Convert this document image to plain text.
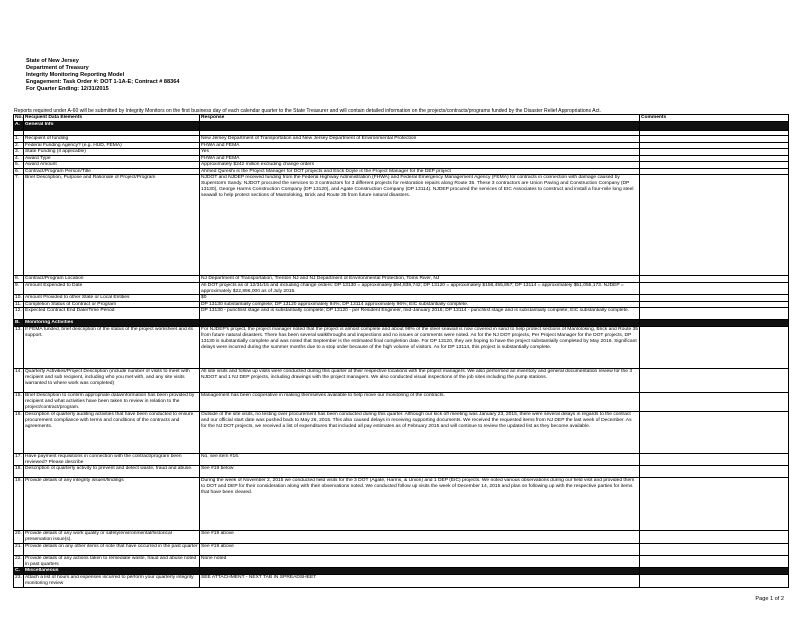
State of New Jersey
Department of Treasury
Integrity Monitoring Reporting Model
Engagement: Task Order #: DOT 1-1A-E; Contract # 88364
For Quarter Ending: 12/31/2015
Reports required under A-60 will be submitted by Integrity Monitors on the first business day of each calendar quarter to the State Treasurer and will contain detailed information on the projects/contracts/programs funded by the Disaster Relief Appropriations Act.
No.	Recipient Data Elements	Response	Comments

A.	General Info		

1.	Recipient of funding	New Jersey Department of Transportation and New Jersey Department of Environmental Protection	

2.	Federal Funding Agency? (e.g. HUD, FEMA)	FHWA and FEMA	

3.	State Funding (if applicable)	Yes	

4.	Award Type	FHWA and FEMA	

5.	Award Amount	Approximately $242 million excluding change orders	

6.	Contract/Program Person/Title	Ahmed Qureshi is the Project Manager for DOT projects and Erick Doyle is the Project Manager for the DEP project	

7.	Brief Description, Purpose and Rationale of Project/Program	NJDOT and NJDEP received funding from the Federal Highway Administration (FHWA) and Federal Emergency Management Agency (FEMA) for contracts in connection with damage caused by Superstorm Sandy. NJDOT procured the services to 3 contractors for 3 different projects for restoration repairs along Route 35. These 3 contractors are Union Paving and Construction Company (DP 13130), George Harms Construction Company (DP 13120), and Agate Construction Company (DP 13114). NJDEP procured the services of EIC Associates to construct and install a four-mile long steel seawall to help protect sections of Mantoloking, Brick and Route 35 from future natural disasters.	

8.	Contract/Program Location	NJ Department of Transportation, Trenton NJ and NJ Department of Environmental Protection, Toms River, NJ	

9.	Amount Expended to Date	All DOT projects as of 12/31/15 and including change orders: DP 13130 = approximately $94,838,742; DP 13120 = approximately $158,455,857; DP 13114 = approximately $51,055,173. NJDEP = approximately $22,896,000 as of July 2015.	

10.	Amount Provided to other State or Local Entities	$0	

11.	Completion Status of Contract or Program	DP 13130 substantially complete; DP 13120 approximately 94%; DP 13114 approximately 96%; EIC substantially complete.	

12.	Expected Contract End Date/Time Period	DP 13130 - punchlist stage and is substantially complete; DP 13120 - per Resident Engineer, mid-January 2016; DP 13114 - punchlist stage and is substantially complete; EIC substantially complete.	

B.	Monitoring Activities		

13.	If FEMA funded, brief description of the status of the project worksheet and its support.	For NJDEP's project, the project manager noted that the project is almost complete and about 98% of the steel seawall is now covered in sand to help protect sections of Mantoloking, Brick and Route 35 from future natural disasters. There has been several walkthroughs and inspections and no issues or comments were noted. As for the NJ DOT projects, Per Project Manager for the DOT projects, DP 13130 is substantially complete and was noted that September is the estimated final completion date. For DP 13120, they are hoping to have the project substantially completed by May 2016. Significant delays were incurred during the summer months due to a stop order because of the high volume of visitors. As for DP 13114, this project is substantially complete.	

14.	Quarterly Activities/Project Description (include number of visits to meet with recipient and sub recipient, including who you met with, and any site visits warranted to where work was completed)	All site visits and follow up visits were conducted during this quarter at their respective locations with the project managers. We also performed an inventory and general documentation review for the 3 NJDOT and 1 NJ DEP projects, including drawings with the project managers. We also conducted visual inspections of the job sites including the pump stations.	

15.	Brief Description to confirm appropriate data/information has been provided by recipient and what activities have been taken to review in relation to the project/contract/program.	Management has been cooperative in making themselves available to help move our monitoring of the contracts.	

16.	Description of quarterly auditing activities that have been conducted to ensure procurement compliance with terms and conditions of the contracts and agreements.	Outside of the site visits, no testing over procurement has been conducted during this quarter. Although our kick off meeting was January 23, 2015, there were several delays in regards to the contract and our official start date was pushed back to May 26, 2015. This also caused delays in receiving supporting documents. We received the requested items from NJ DEP the last week of December. As for the NJ DOT projects, we received a list of expenditures that included all pay estimates as of February 2015 and will continue to review the updated list as they become available.	

17.	Have payment requisitions in connection with the contract/program been reviewed? Please describe	No, see item #16.	

18.	Description of quarterly activity to prevent and detect waste, fraud and abuse.	See #19 below	

19.	Provide details of any integrity issues/findings	During the week of November 2, 2015 we conducted field visits for the 3 DOT (Agate, Harms, & Union) and 1 DEP (EIC) projects. We noted various observations during our field visit and provided them to DOT and DEP for their consideration along with their observations noted. We conducted follow up visits the week of December 14, 2015 and plan on following up with the respective parties for items that have been cleared.	

20.	Provide details of any work quality or safety/environmental/historical preservation issue(s).	See #19 above	

21.	Provide details on any other items of note that have occurred in the past quarter	See #19 above	

22.	Provide details of any actions taken to remediate waste, fraud and abuse noted in past quarters	None noted	

C.	Miscellaneous		

23.	Attach a list of hours and expenses incurred to perform your quarterly integrity monitoring review	SEE ATTACHMENT - NEXT TAB IN SPREADSHEET	

Page 1 of 2
